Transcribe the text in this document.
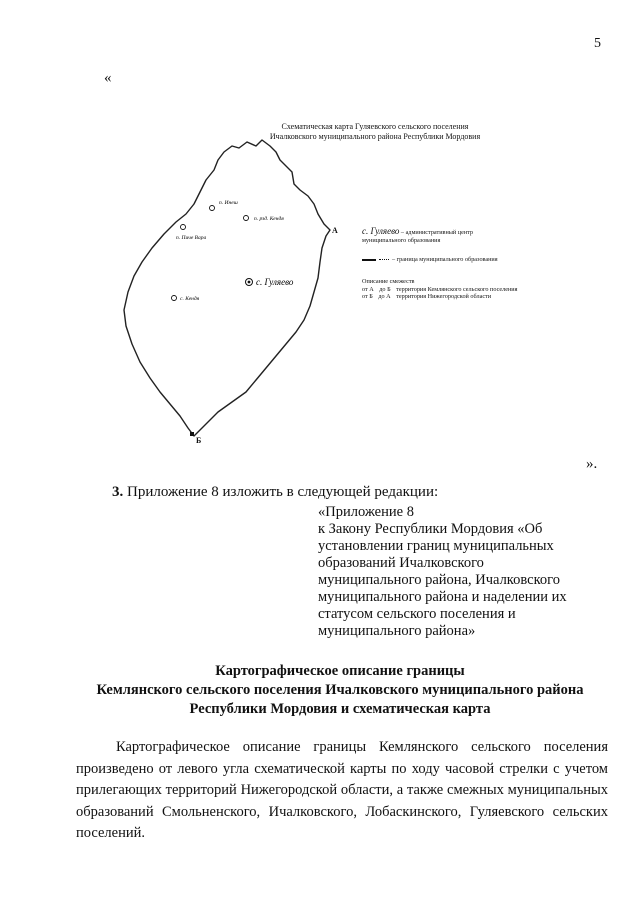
5
«
Схематическая карта Гуляевского сельского поселения
Ичалковского муниципального района Республики Мордовия
А
Б
п. Инеш
п. рзд. Кендя
п. Пиче Вара
с. Гуляево
с. Кендя
с. Гуляево – административный центр
муниципального образования
– граница муниципального образования
Описание смежеств
от А до Б территория Кемлянского сельского поселения
от Б до А территория Нижегородской области
».
3. Приложение 8 изложить в следующей редакции:
«Приложение 8
к Закону Республики Мордовия «Об
установлении границ муниципальных
образований Ичалковского
муниципального района, Ичалковского
муниципального района и наделении их
статусом сельского поселения и
муниципального района»
Картографическое описание границы
Кемлянского сельского поселения Ичалковского муниципального района
Республики Мордовия и схематическая карта
Картографическое описание границы Кемлянского сельского поселения произведено от левого угла схематической карты по ходу часовой стрелки с учетом прилегающих территорий Нижегородской области, а также смежных муниципальных образований Смольненского, Ичалковского, Лобаскинского, Гуляевского сельских поселений.
